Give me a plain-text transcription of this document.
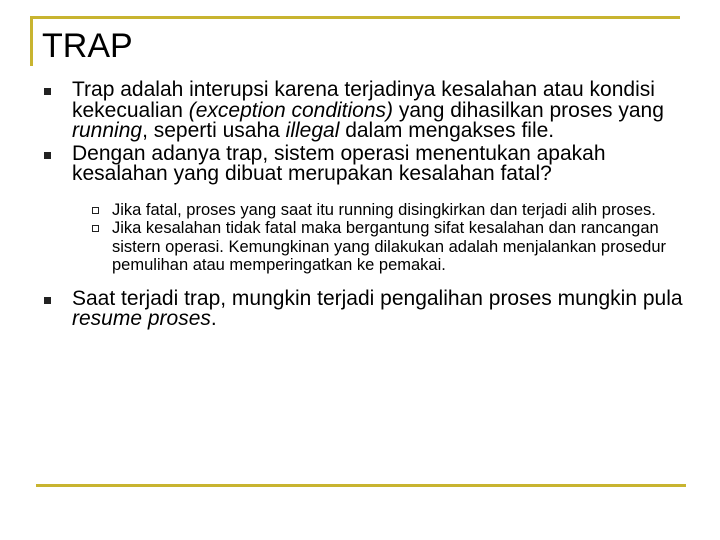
TRAP

Trap adalah interupsi karena terjadinya kesalahan atau kondisi kekecualian (exception conditions) yang dihasilkan proses yang running, seperti usaha illegal dalam mengakses file.

Dengan adanya trap, sistem operasi menentukan apakah kesalahan yang dibuat merupakan kesalahan fatal?

Jika fatal, proses yang saat itu running disingkirkan dan terjadi alih proses.

Jika kesalahan tidak fatal maka bergantung sifat kesalahan dan rancangan sistern operasi. Kemungkinan yang dilakukan adalah menjalankan prosedur pemulihan atau memperingatkan ke pemakai.

Saat terjadi trap, mungkin terjadi pengalihan proses mungkin pula resume proses.
